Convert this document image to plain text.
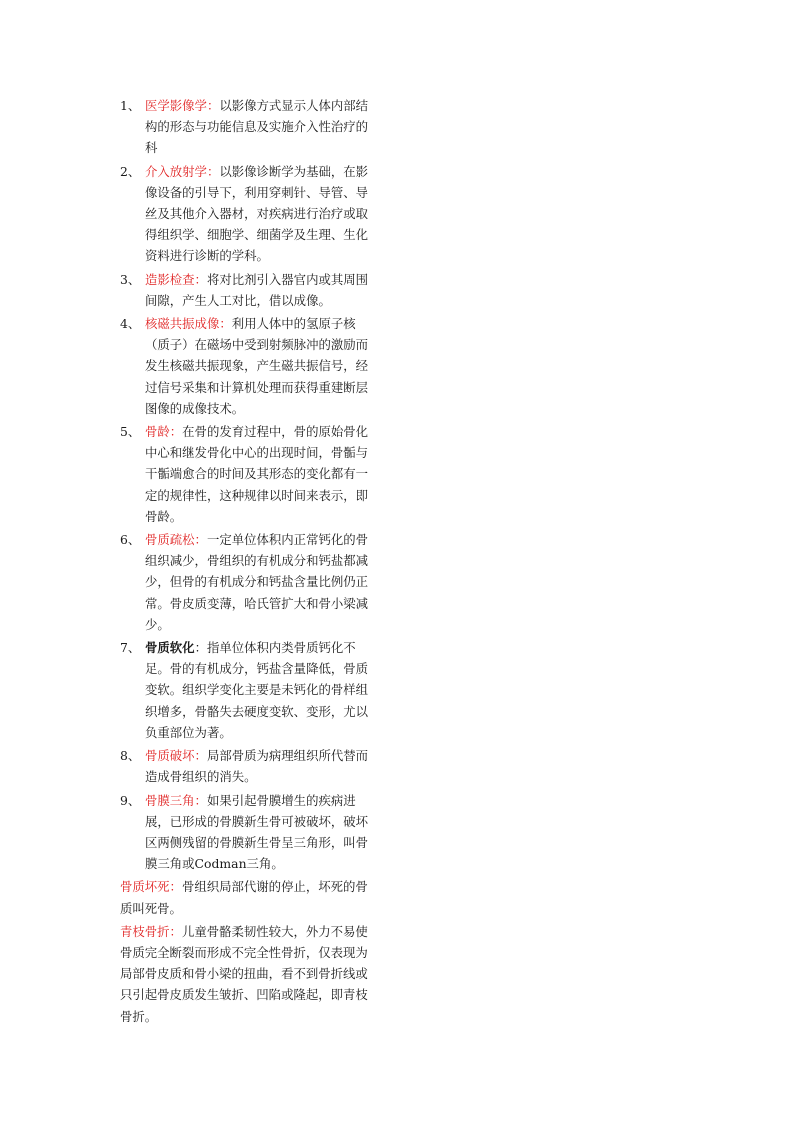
1、 医学影像学：以影像方式显示人体内部结构的形态与功能信息及实施介入性治疗的科
2、 介入放射学：以影像诊断学为基础，在影像设备的引导下，利用穿刺针、导管、导丝及其他介入器材，对疾病进行治疗或取得组织学、细胞学、细菌学及生理、生化资料进行诊断的学科。
3、 造影检查：将对比剂引入器官内或其周围间隙，产生人工对比，借以成像。
4、 核磁共振成像：利用人体中的氢原子核（质子）在磁场中受到射频脉冲的激励而发生核磁共振现象，产生磁共振信号，经过信号采集和计算机处理而获得重建断层图像的成像技术。
5、 骨龄：在骨的发育过程中，骨的原始骨化中心和继发骨化中心的出现时间，骨骺与干骺端愈合的时间及其形态的变化都有一定的规律性，这种规律以时间来表示，即骨龄。
6、 骨质疏松：一定单位体积内正常钙化的骨组织减少，骨组织的有机成分和钙盐都减少，但骨的有机成分和钙盐含量比例仍正常。骨皮质变薄，哈氏管扩大和骨小梁减少。
7、 骨质软化：指单位体积内类骨质钙化不足。骨的有机成分，钙盐含量降低，骨质变软。组织学变化主要是未钙化的骨样组织增多，骨骼失去硬度变软、变形，尤以负重部位为著。
8、 骨质破坏：局部骨质为病理组织所代替而造成骨组织的消失。
9、 骨膜三角：如果引起骨膜增生的疾病进展，已形成的骨膜新生骨可被破坏，破坏区两侧残留的骨膜新生骨呈三角形，叫骨膜三角或Codman三角。

骨质坏死：骨组织局部代谢的停止，坏死的骨质叫死骨。

青枝骨折：儿童骨骼柔韧性较大，外力不易使骨质完全断裂而形成不完全性骨折，仅表现为局部骨皮质和骨小梁的扭曲，看不到骨折线或只引起骨皮质发生皱折、凹陷或隆起，即青枝骨折。
